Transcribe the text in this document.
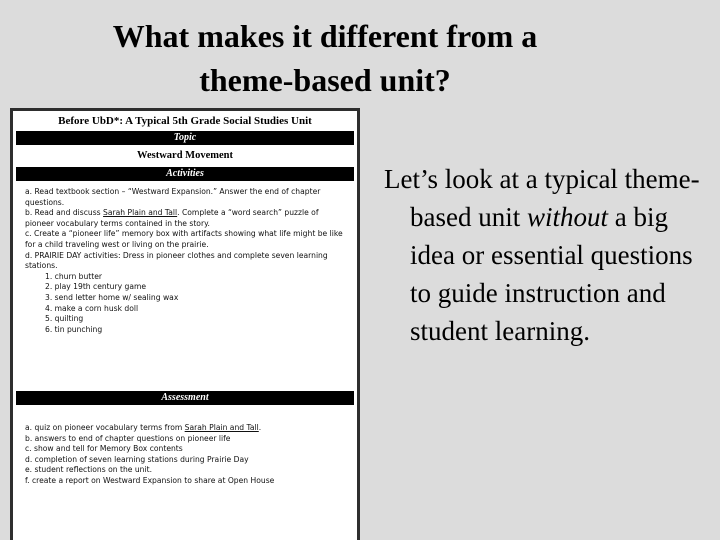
What makes it different from a
theme-based unit?
Before UbD*: A Typical 5th Grade Social Studies Unit
Topic
Westward Movement
Activities
a. Read textbook section – “Westward Expansion.” Answer the end of chapter questions.
b. Read and discuss Sarah Plain and Tall. Complete a “word search” puzzle of pioneer vocabulary terms contained in the story.
c. Create a “pioneer life” memory box with artifacts showing what life might be like for a child traveling west or living on the prairie.
d. PRAIRIE DAY activities: Dress in pioneer clothes and complete seven learning stations.
1. churn butter
2. play 19th century game
3. send letter home w/ sealing wax
4. make a corn husk doll
5. quilting
6. tin punching
Assessment
a. quiz on pioneer vocabulary terms from Sarah Plain and Tall.
b. answers to end of chapter questions on pioneer life
c. show and tell for Memory Box contents
d. completion of seven learning stations during Prairie Day
e. student reflections on the unit.
f. create a report on Westward Expansion to share at Open House

Let’s look at a typical theme-based unit without a big idea or essential questions to guide instruction and student learning.
